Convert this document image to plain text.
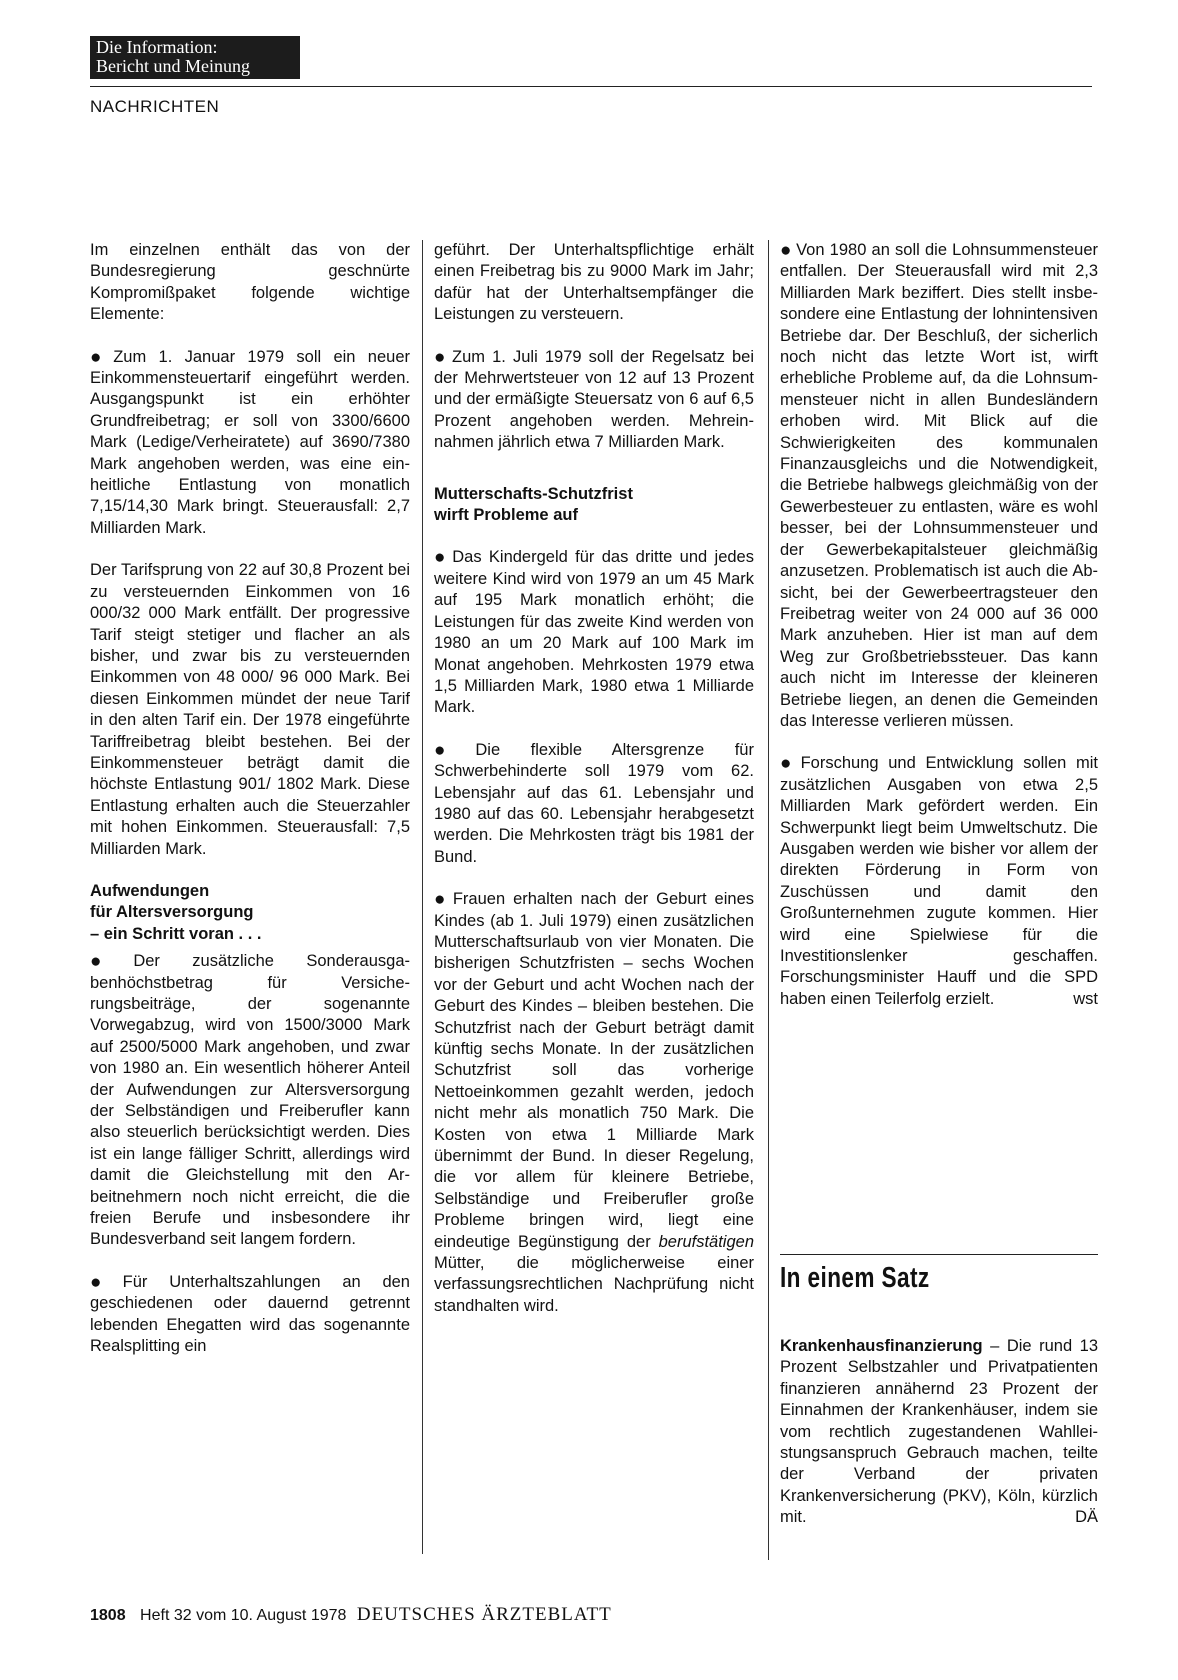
Die Information:
Bericht und Meinung
NACHRICHTEN

Im einzelnen enthält das von der Bundesregierung geschnürte Kompromißpaket folgende wichtige Elemente:

● Zum 1. Januar 1979 soll ein neuer Einkommensteuertarif eingeführt werden. Ausgangspunkt ist ein erhöhter Grundfreibetrag; er soll von 3300/6600 Mark (Ledige/Verheiratete) auf 3690/7380 Mark angehoben werden, was eine einheitliche Entlastung von monatlich 7,15/14,30 Mark bringt. Steuerausfall: 2,7 Milliarden Mark.

Der Tarifsprung von 22 auf 30,8 Prozent bei zu versteuernden Einkommen von 16 000/32 000 Mark entfällt. Der progressive Tarif steigt stetiger und flacher an als bisher, und zwar bis zu versteuernden Einkommen von 48 000/ 96 000 Mark. Bei diesen Einkommen mündet der neue Tarif in den alten Tarif ein. Der 1978 eingeführte Tariffreibetrag bleibt bestehen. Bei der Einkommensteuer beträgt damit die höchste Entlastung 901/ 1802 Mark. Diese Entlastung erhalten auch die Steuerzahler mit hohen Einkommen. Steuerausfall: 7,5 Milliarden Mark.

Aufwendungen
für Altersversorgung
– ein Schritt voran . . .

● Der zusätzliche Sonderausgabenhöchstbetrag für Versicherungsbeiträge, der sogenannte Vorwegabzug, wird von 1500/3000 Mark auf 2500/5000 Mark angehoben, und zwar von 1980 an. Ein wesentlich höherer Anteil der Aufwendungen zur Altersversorgung der Selbständigen und Freiberufler kann also steuerlich berücksichtigt werden. Dies ist ein lange fälliger Schritt, allerdings wird damit die Gleichstellung mit den Arbeitnehmern noch nicht erreicht, die die freien Berufe und insbesondere ihr Bundesverband seit langem fordern.

● Für Unterhaltszahlungen an den geschiedenen oder dauernd getrennt lebenden Ehegatten wird das sogenannte Realsplitting ein

geführt. Der Unterhaltspflichtige erhält einen Freibetrag bis zu 9000 Mark im Jahr; dafür hat der Unterhaltsempfänger die Leistungen zu versteuern.

● Zum 1. Juli 1979 soll der Regelsatz bei der Mehrwertsteuer von 12 auf 13 Prozent und der ermäßigte Steuersatz von 6 auf 6,5 Prozent angehoben werden. Mehreinnahmen jährlich etwa 7 Milliarden Mark.

Mutterschafts-Schutzfrist
wirft Probleme auf

● Das Kindergeld für das dritte und jedes weitere Kind wird von 1979 an um 45 Mark auf 195 Mark monatlich erhöht; die Leistungen für das zweite Kind werden von 1980 an um 20 Mark auf 100 Mark im Monat angehoben. Mehrkosten 1979 etwa 1,5 Milliarden Mark, 1980 etwa 1 Milliarde Mark.

● Die flexible Altersgrenze für Schwerbehinderte soll 1979 vom 62. Lebensjahr auf das 61. Lebensjahr und 1980 auf das 60. Lebensjahr herabgesetzt werden. Die Mehrkosten trägt bis 1981 der Bund.

● Frauen erhalten nach der Geburt eines Kindes (ab 1. Juli 1979) einen zusätzlichen Mutterschaftsurlaub von vier Monaten. Die bisherigen Schutzfristen – sechs Wochen vor der Geburt und acht Wochen nach der Geburt des Kindes – bleiben bestehen. Die Schutzfrist nach der Geburt beträgt damit künftig sechs Monate. In der zusätzlichen Schutzfrist soll das vorherige Nettoeinkommen gezahlt werden, jedoch nicht mehr als monatlich 750 Mark. Die Kosten von etwa 1 Milliarde Mark übernimmt der Bund. In dieser Regelung, die vor allem für kleinere Betriebe, Selbständige und Freiberufler große Probleme bringen wird, liegt eine eindeutige Begünstigung der berufstätigen Mütter, die möglicherweise einer verfassungsrechtlichen Nachprüfung nicht standhalten wird.

● Von 1980 an soll die Lohnsummensteuer entfallen. Der Steuerausfall wird mit 2,3 Milliarden Mark beziffert. Dies stellt insbesondere eine Entlastung der lohnintensiven Betriebe dar. Der Beschluß, der sicherlich noch nicht das letzte Wort ist, wirft erhebliche Probleme auf, da die Lohnsummensteuer nicht in allen Bundesländern erhoben wird. Mit Blick auf die Schwierigkeiten des kommunalen Finanzausgleichs und die Notwendigkeit, die Betriebe halbwegs gleichmäßig von der Gewerbesteuer zu entlasten, wäre es wohl besser, bei der Lohnsummensteuer und der Gewerbekapitalsteuer gleichmäßig anzusetzen. Problematisch ist auch die Absicht, bei der Gewerbeertragsteuer den Freibetrag weiter von 24 000 auf 36 000 Mark anzuheben. Hier ist man auf dem Weg zur Großbetriebssteuer. Das kann auch nicht im Interesse der kleineren Betriebe liegen, an denen die Gemeinden das Interesse verlieren müssen.

● Forschung und Entwicklung sollen mit zusätzlichen Ausgaben von etwa 2,5 Milliarden Mark gefördert werden. Ein Schwerpunkt liegt beim Umweltschutz. Die Ausgaben werden wie bisher vor allem der direkten Förderung in Form von Zuschüssen und damit den Großunternehmen zugute kommen. Hier wird eine Spielwiese für die Investitionslenker geschaffen. Forschungsminister Hauff und die SPD haben einen Teilerfolg erzielt.	wst

In einem Satz
Krankenhausfinanzierung – Die rund 13 Prozent Selbstzahler und Privatpatienten finanzieren annähernd 23 Prozent der Einnahmen der Krankenhäuser, indem sie vom rechtlich zugestandenen Wahlleistungsanspruch Gebrauch machen, teilte der Verband der privaten Krankenversicherung (PKV), Köln, kürzlich mit.	DÄ
1808 Heft 32 vom 10. August 1978 DEUTSCHES ÄRZTEBLATT
